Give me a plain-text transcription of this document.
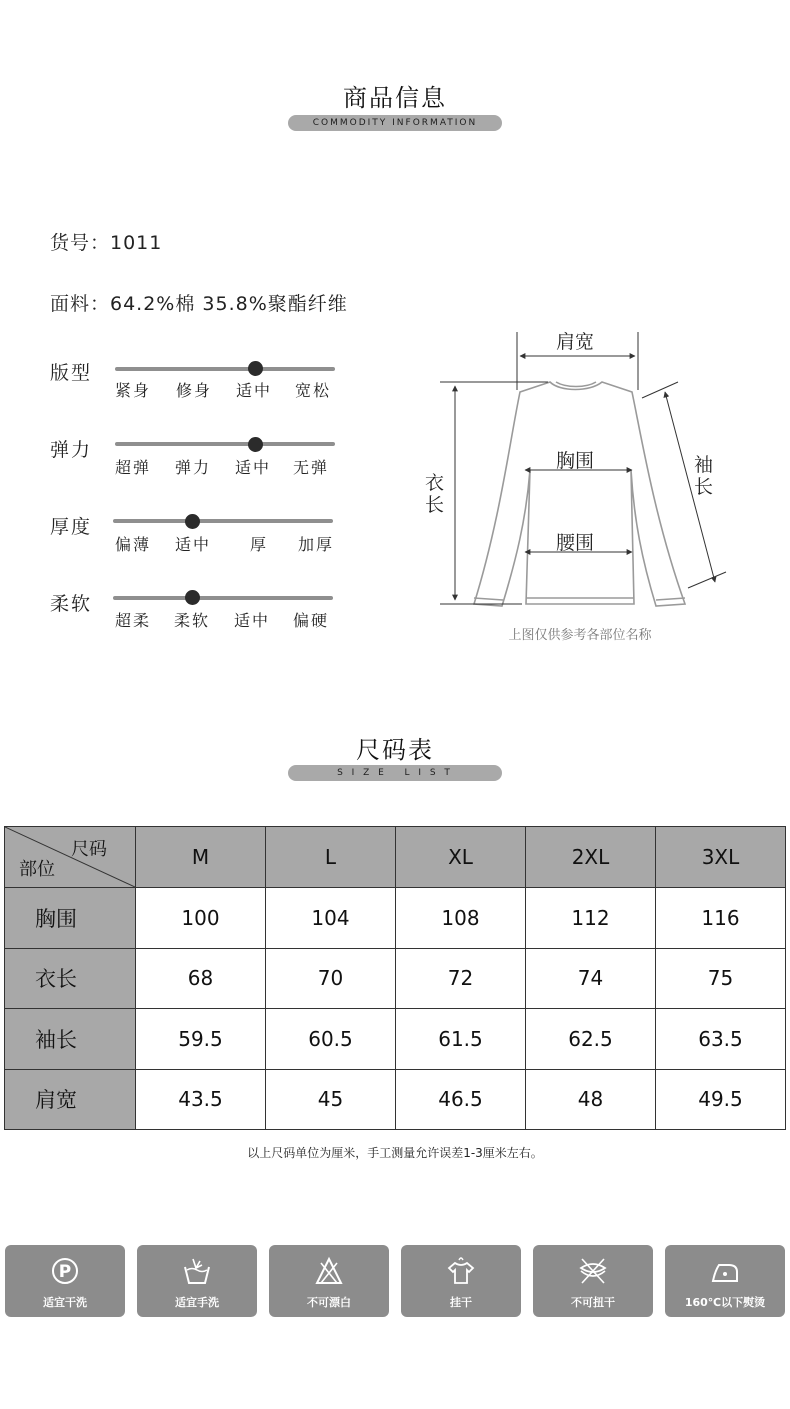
商品信息
COMMODITY INFORMATION
货号：1011
面料：64.2%棉 35.8%聚酯纤维
版型
紧身 修身 适中 宽松
弹力
超弹 弹力 适中 无弹
厚度
偏薄 适中 厚 加厚
柔软
超柔 柔软 适中 偏硬
肩宽
胸围
腰围
衣长
袖长
上图仅供参考各部位名称
尺码表
S I Z E   L I S T
尺码
部位	M	L	XL	2XL	3XL
胸围	100	104	108	112	116
衣长	68	70	72	74	75
袖长	59.5	60.5	61.5	62.5	63.5
肩宽	43.5	45	46.5	48	49.5
以上尺码单位为厘米，手工测量允许误差1-3厘米左右。
P
适宜干洗	适宜手洗	不可漂白	挂干	不可扭干	160℃以下熨烫
